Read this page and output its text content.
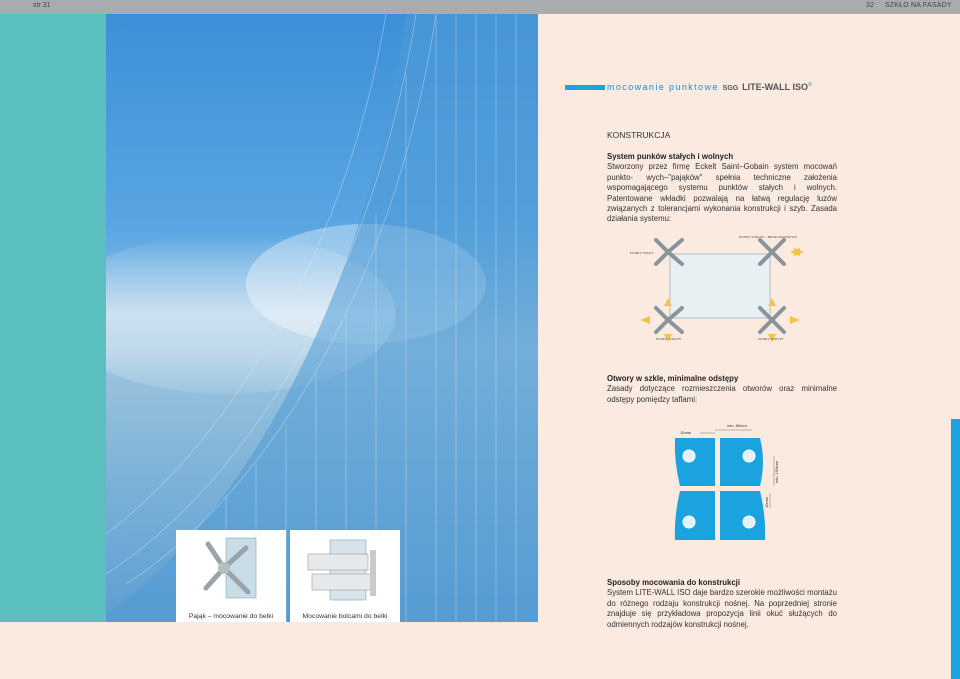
str 31	32 SZKŁO NA FASADY
mocowanie punktowe SGG LITE-WALL ISO®
KONSTRUKCJA
System punków stałych i wolnych
Stworzony przez firmę Eckelt Saint–Gobain system mocowań punkto- wych–"pająków" spełnia techniczne założenia wspomagającego systemu punktów stałych i wolnych. Patentowane wkładki pozwalają na łatwą regulację luzów związanych z tolerancjami wykonania konstrukcji i szyb. Zasada działania systemu:
PUNKT WOLNY – BRAK PRZESUWU
PUNKT STAŁY
PUNKT WOLNY	PUNKT WOLNY
Otwory w szkle, minimalne odstępy
Zasady dotyczące rozmieszczenia otworów oraz minimalne odstępy pomiędzy taflami:
min. 80mm
10mm
min. 100mm
10mm
Sposoby mocowania do konstrukcji
System LITE-WALL ISO daje bardzo szerokie możliwości montażu do różnego rodzaju konstrukcji nośnej. Na poprzedniej stronie znajduje się przykładowa propozycja linii okuć służących do odmiennych rodzajów konstrukcji nośnej.
Pająk – mocowanie do belki	Mocowanie bolcami do belki
